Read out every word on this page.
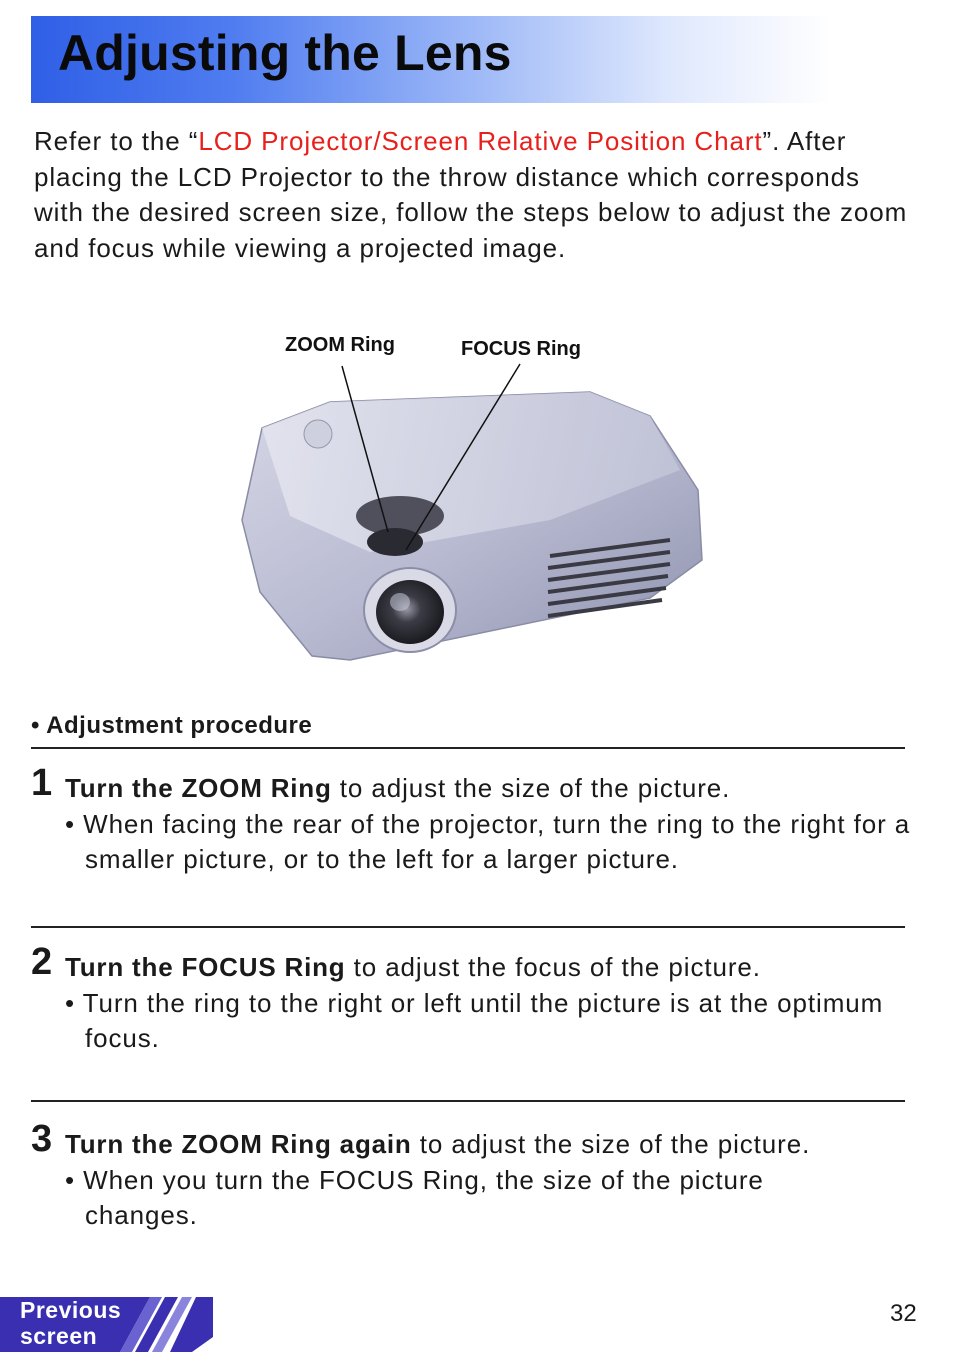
Adjusting the Lens

Refer to the “LCD Projector/Screen Relative Position Chart”. After placing the LCD Projector to the throw distance which corresponds with the desired screen size, follow the steps below to adjust the zoom and focus while viewing a projected image.

ZOOM Ring	FOCUS Ring
• Adjustment procedure
1 Turn the ZOOM Ring to adjust the size of the picture.

• When facing the rear of the projector, turn the ring to the right for a smaller picture, or to the left for a larger picture.

2 Turn the FOCUS Ring to adjust the focus of the picture.

• Turn the ring to the right or left until the picture is at the optimum focus.

3 Turn the ZOOM Ring again to adjust the size of the picture.

• When you turn the FOCUS Ring, the size of the picture changes.

Previous
screen
32
